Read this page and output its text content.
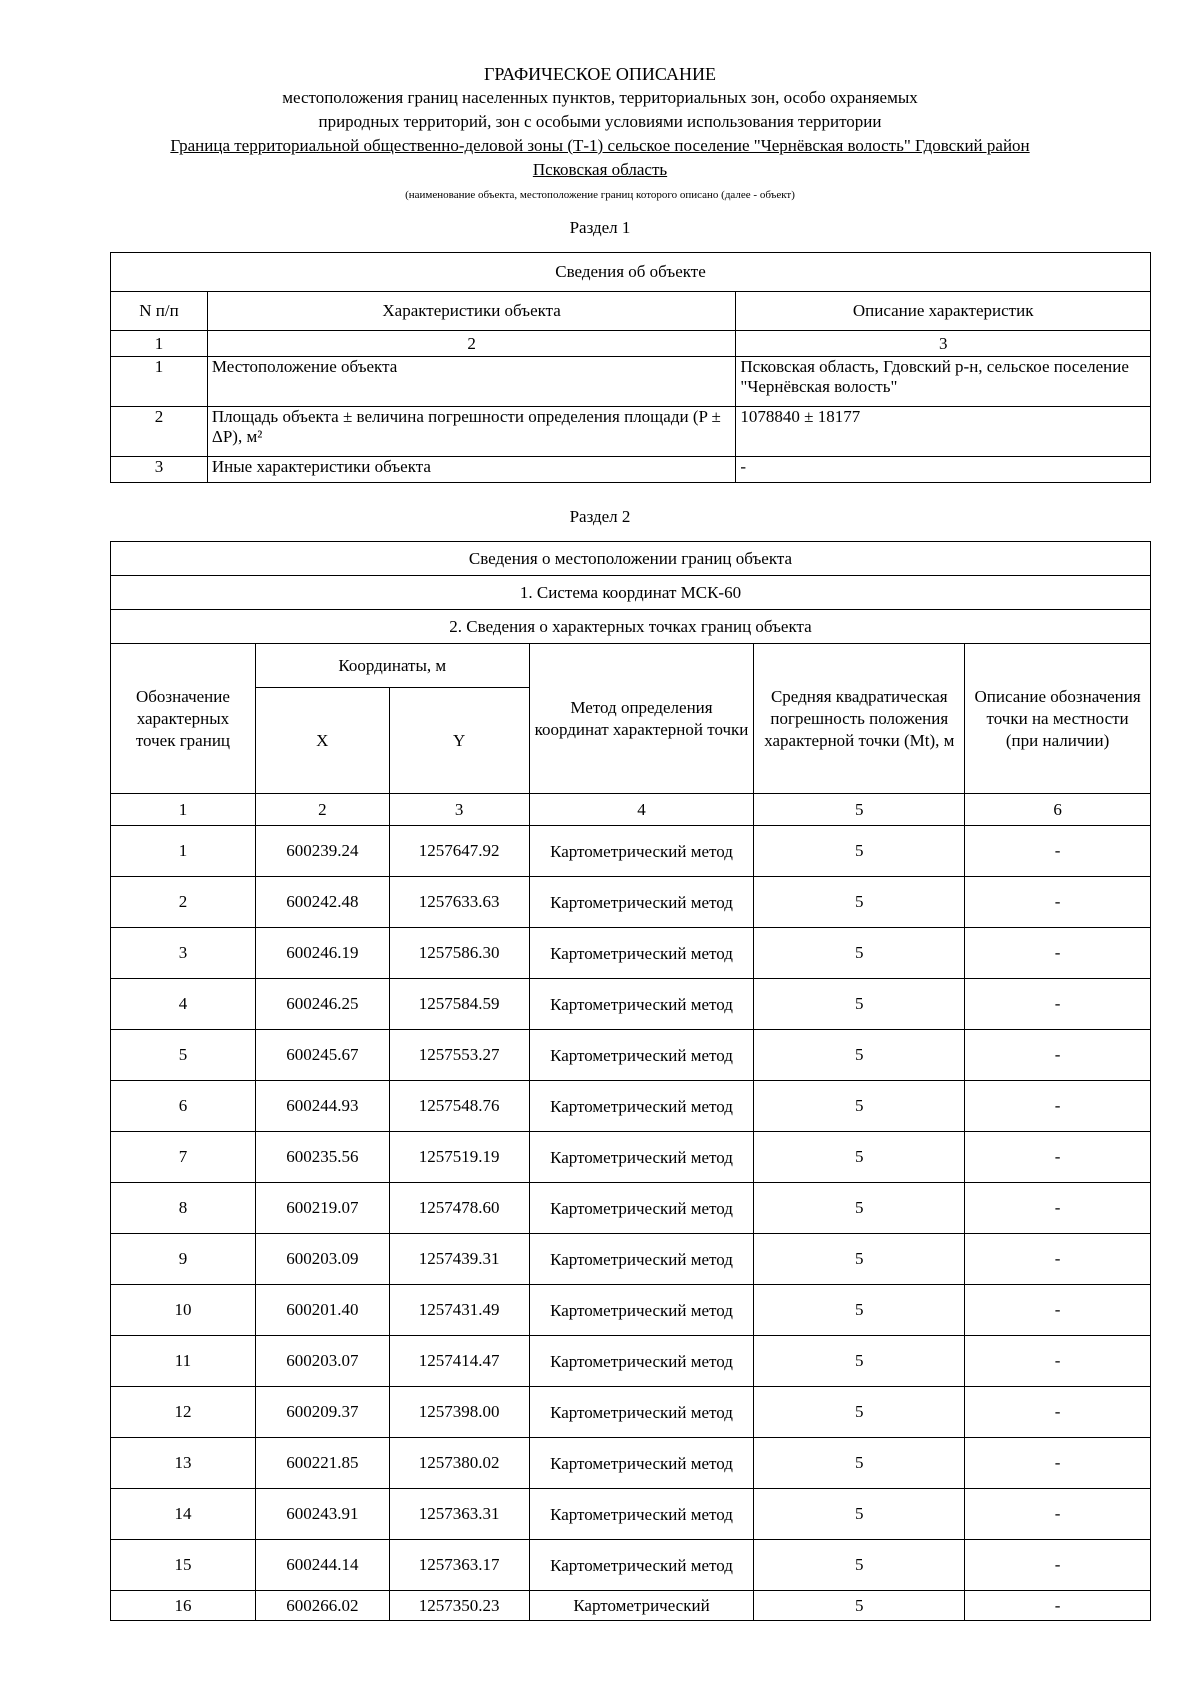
ГРАФИЧЕСКОЕ ОПИСАНИЕ
местоположения границ населенных пунктов, территориальных зон, особо охраняемых
природных территорий, зон с особыми условиями использования территории
Граница территориальной общественно-деловой зоны (Т-1) сельское поселение "Чернёвская волость" Гдовский район
Псковская область
(наименование объекта, местоположение границ которого описано (далее - объект)
Раздел 1
Сведения об объекте		
N п/п	Характеристики объекта	Описание характеристик
1	2	3
1	Местоположение объекта	Псковская область, Гдовский р-н, сельское поселение "Чернёвская волость"
2	Площадь объекта ± величина погрешности определения площади (P ± ΔP), м²	1078840 ± 18177
3	Иные характеристики объекта	-
Раздел 2
Сведения о местоположении границ объекта					
1. Система координат МСК-60					
2. Сведения о характерных точках границ объекта					
Обозначение характерных точек границ	Координаты, м		Метод определения координат характерной точки	Средняя квадратическая погрешность положения характерной точки (Mt), м	Описание обозначения точки на местности (при наличии)
	X	Y			
1	2	3	4	5	6
1	600239.24	1257647.92	Картометрический метод	5	-
2	600242.48	1257633.63	Картометрический метод	5	-
3	600246.19	1257586.30	Картометрический метод	5	-
4	600246.25	1257584.59	Картометрический метод	5	-
5	600245.67	1257553.27	Картометрический метод	5	-
6	600244.93	1257548.76	Картометрический метод	5	-
7	600235.56	1257519.19	Картометрический метод	5	-
8	600219.07	1257478.60	Картометрический метод	5	-
9	600203.09	1257439.31	Картометрический метод	5	-
10	600201.40	1257431.49	Картометрический метод	5	-
11	600203.07	1257414.47	Картометрический метод	5	-
12	600209.37	1257398.00	Картометрический метод	5	-
13	600221.85	1257380.02	Картометрический метод	5	-
14	600243.91	1257363.31	Картометрический метод	5	-
15	600244.14	1257363.17	Картометрический метод	5	-
16	600266.02	1257350.23	Картометрический	5	-
